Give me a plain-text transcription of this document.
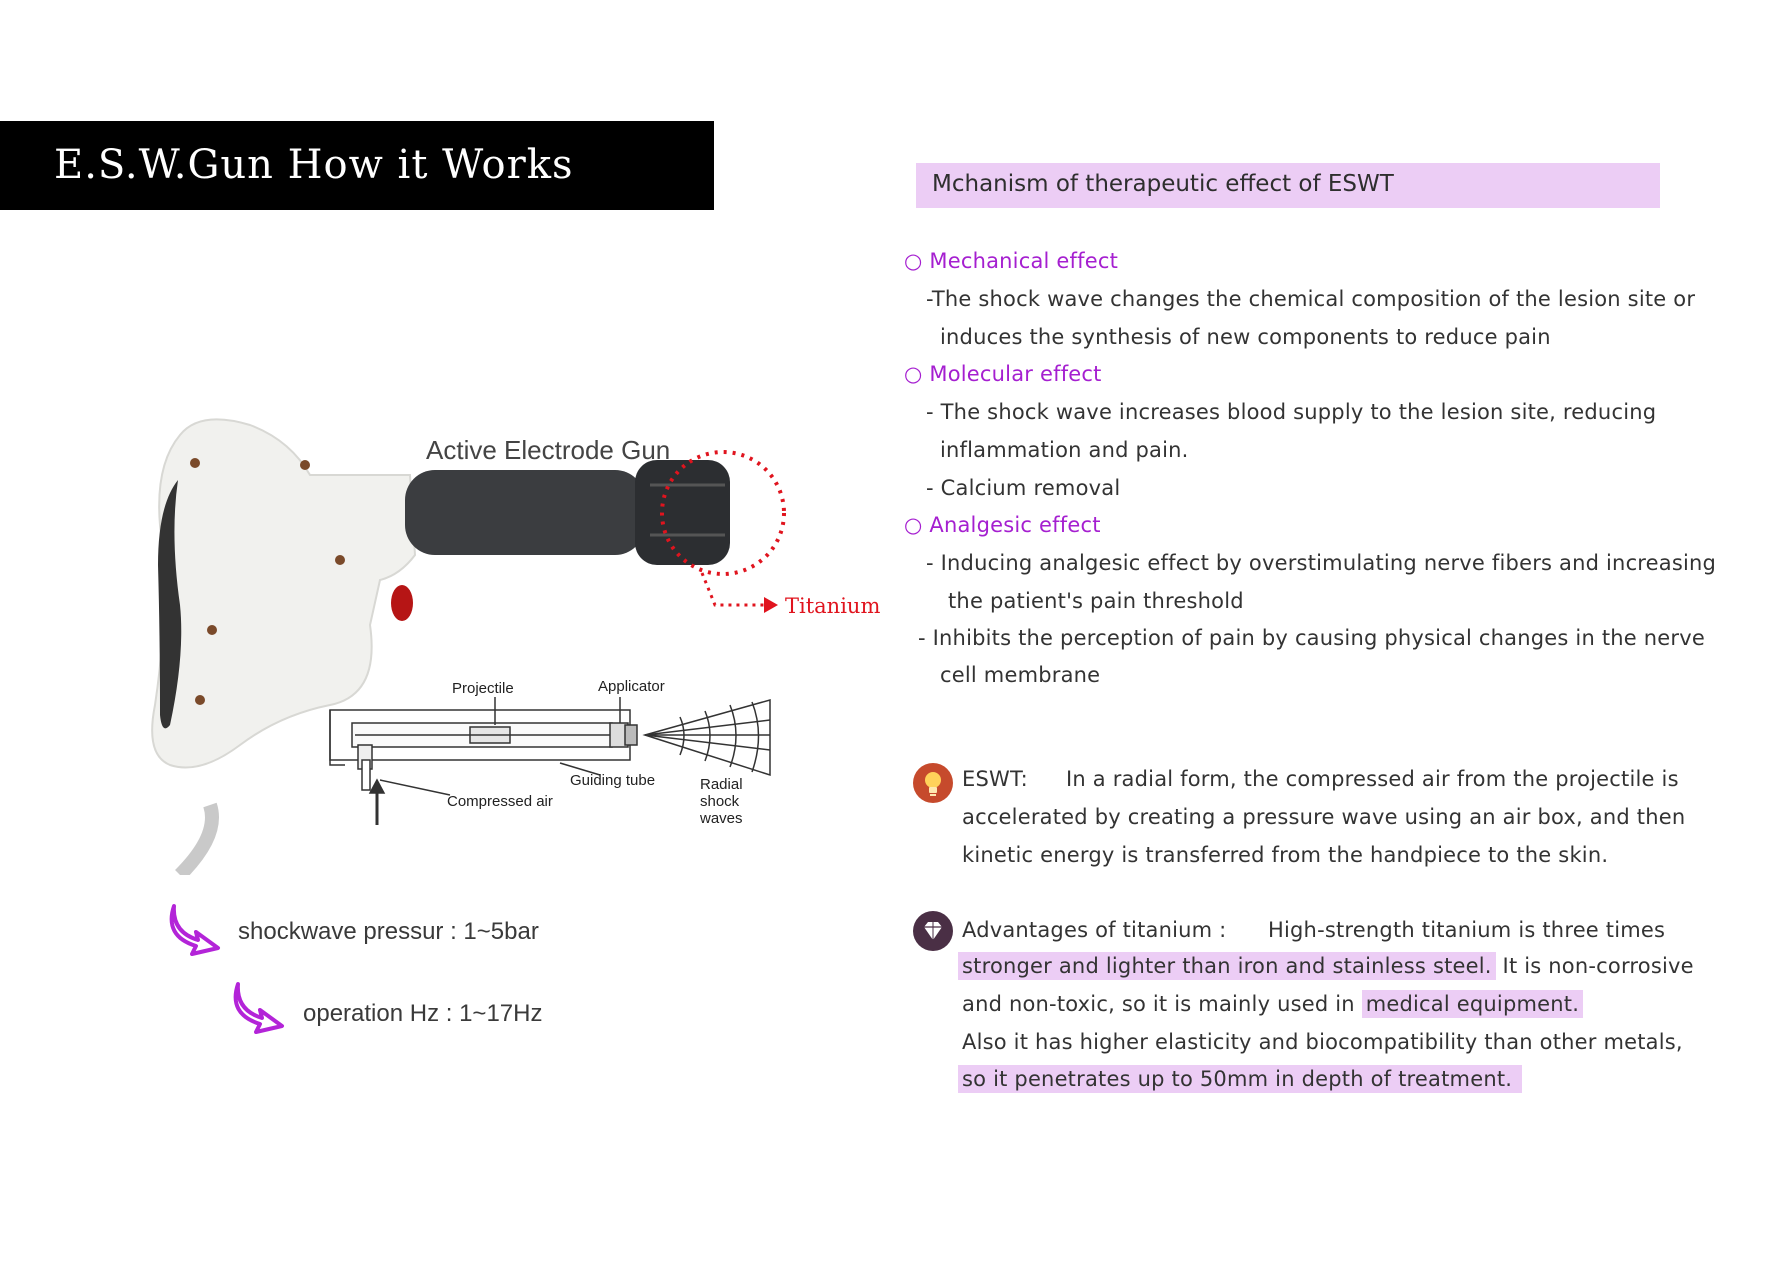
E.S.W.Gun How it Works
Titanium
Active Electrode Gun
Projectile	Applicator
Guiding tube
Compressed air
Radial
shock
waves
shockwave pressur : 1~5bar
operation Hz : 1~17Hz
Mchanism of therapeutic effect of ESWT
○ Mechanical effect
-The shock wave changes the chemical composition of the lesion site or
induces the synthesis of new components to reduce pain
○ Molecular effect
- The shock wave increases blood supply to the lesion site, reducing
inflammation and pain.
- Calcium removal
○ Analgesic effect
- Inducing analgesic effect by overstimulating nerve fibers and increasing
the patient's pain threshold
- Inhibits the perception of pain by causing physical changes in the nerve
cell membrane
ESWT: In a radial form, the compressed air from the projectile is
accelerated by creating a pressure wave using an air box, and then
kinetic energy is transferred from the handpiece to the skin.
Advantages of titanium : High-strength titanium is three times
stronger and lighter than iron and stainless steel. It is non-corrosive
and non-toxic, so it is mainly used in medical equipment.
Also it has higher elasticity and biocompatibility than other metals,
so it penetrates up to 50mm in depth of treatment.
